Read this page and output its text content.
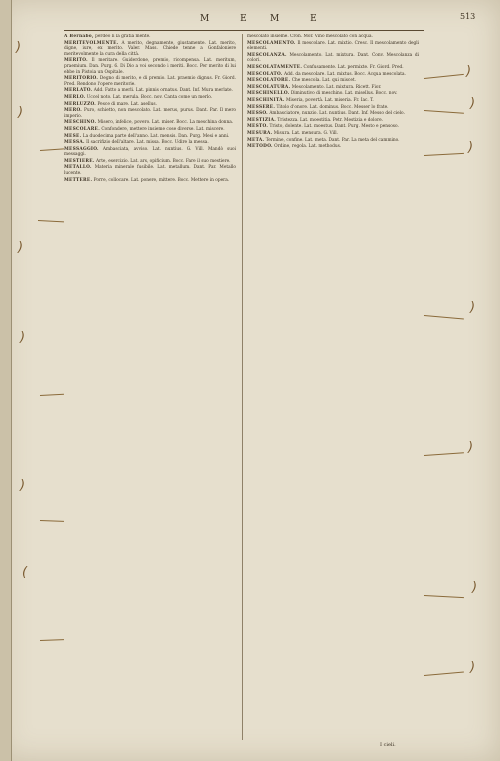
M E M E	513
A Bernabò, perdeo li la gratia mente.
MERITEVOLMENTE. A merito, degnamente, giustamente. Lat. merito, digne, iure, ex merito. Valer. Mass. Chiede tenne a Gonfaloniere meritevolmente la cura della città.
MERITO. Il meritare. Guiderdone, premio, ricompensa. Lat. meritum, praemium. Dan. Purg. 6. Di Dio a voi secondo i meriti. Bocc. Per merito di lui ebbe in Pistoia un Ospitale.
MERITORIO. Degno di merito, e di premio. Lat. praemio dignus. Fr. Giord. Pred. Rendono l'opere meritorie.
MERLATO. Add. Fatto a merli. Lat. pinnis ornatus. Dant. Inf. Mura merlate.
MERLO. Uccel noto. Lat. merula. Bocc. nov. Canta come un merlo.
MERLUZZO. Pesce di mare. Lat. asellus.
MERO. Puro, schietto, non mescolato. Lat. merus, purus. Dant. Par. Il mero imperio.
MESCHINO. Misero, infelice, povero. Lat. miser. Bocc. La meschina donna.
MESCOLARE. Confondere, mettere insieme cose diverse. Lat. miscere.
MESE. La duodecima parte dell'anno. Lat. mensis. Dan. Purg. Mesi e anni.
MESSA. Il sacrifizio dell'altare. Lat. missa. Bocc. Udire la messa.
MESSAGGIO. Ambasciata, avviso. Lat. nuntius. G. Vill. Mandò suoi messaggi.
MESTIERE. Arte, esercizio. Lat. ars, opificium. Bocc. Fare il suo mestiere.
METALLO. Materia minerale fusibile. Lat. metallum. Dant. Par. Metallo lucente.
METTERE. Porre, collocare. Lat. ponere, mittere. Bocc. Mettere in opera.
mescolato insieme. Cron. Mor. Vino mescolato con acqua.
MESCOLAMENTO. Il mescolare. Lat. mixtio. Cresc. Il mescolamento degli elementi.
MESCOLANZA. Mescolamento. Lat. mixtura. Dant. Conv. Mescolanza di colori.
MESCOLATAMENTE. Confusamente. Lat. permixte. Fr. Giord. Pred.
MESCOLATO. Add. da mescolare. Lat. mixtus. Bocc. Acqua mescolata.
MESCOLATORE. Che mescola. Lat. qui miscet.
MESCOLATURA. Mescolamento. Lat. mixtura. Ricett. Fior.
MESCHINELLO. Diminutivo di meschino. Lat. misellus. Bocc. nov.
MESCHINITÀ. Miseria, povertà. Lat. miseria. Fr. Iac. T.
MESSERE. Titolo d'onore. Lat. dominus. Bocc. Messer lo frate.
MESSO. Ambasciatore, nunzio. Lat. nuntius. Dant. Inf. Messo del cielo.
MESTIZIA. Tristezza. Lat. moestitia. Petr. Mestizia e dolore.
MESTO. Tristo, dolente. Lat. moestus. Dant. Purg. Mesto e pensoso.
MESURA. Misura. Lat. mensura. G. Vill.
META. Termine, confine. Lat. meta. Dant. Par. La meta del cammino.
METODO. Ordine, regola. Lat. methodus.
)
)
)
)
)
(
)
)
)
)
)
)
)
I cieli.
